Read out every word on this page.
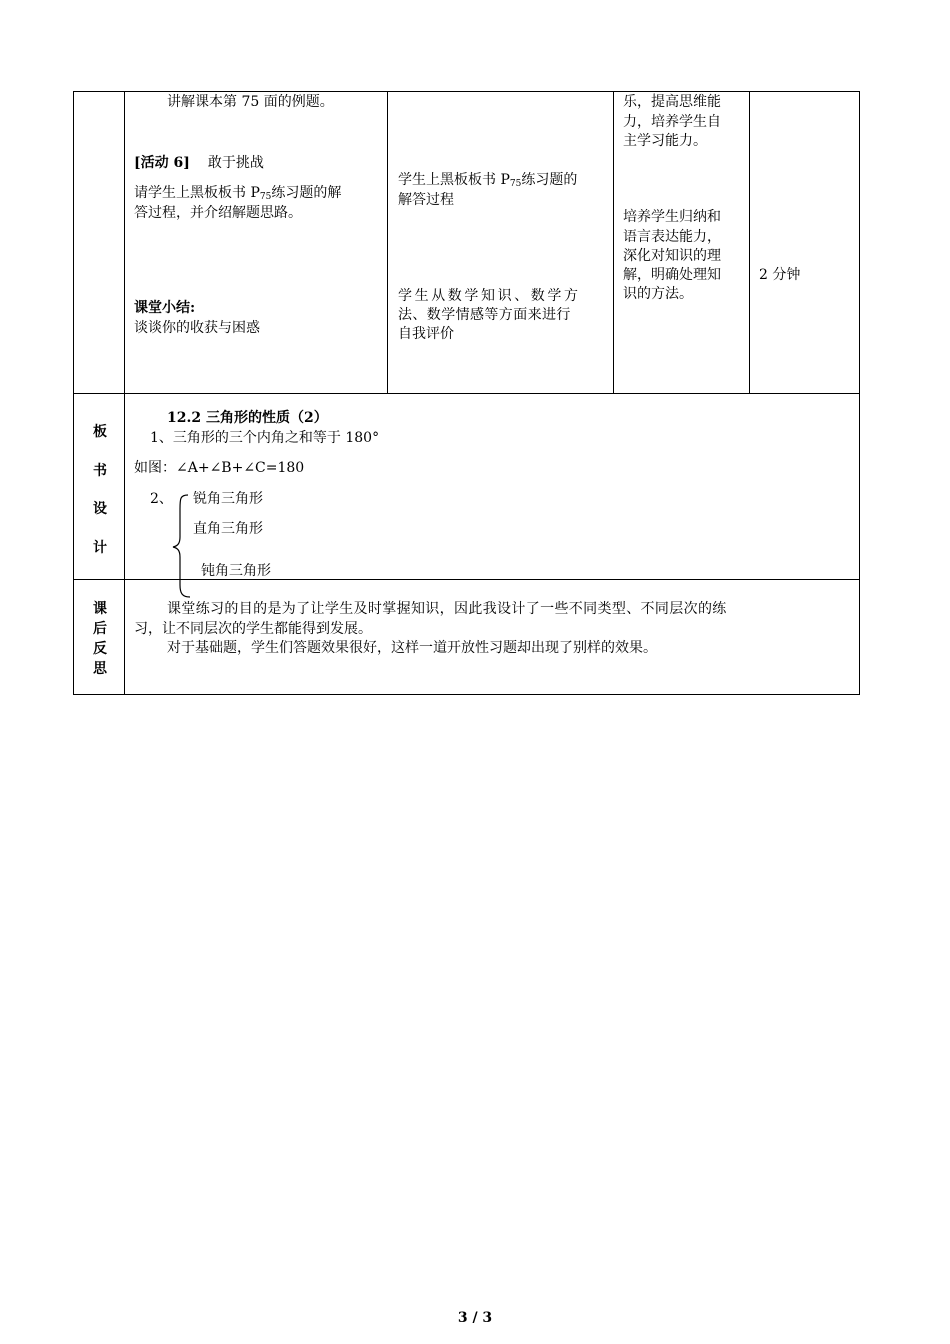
讲解课本第 75 面的例题。
[活动 6] 敢于挑战
请学生上黑板板书 $P_{75}$练习题的解
答过程，并介绍解题思路。
课堂小结:
谈谈你的收获与困惑
学生上黑板板书 $P_{75}$练习题的
解答过程
学生从数学知识、数学方
法、数学情感等方面来进行
自我评价
乐，提高思维能
力，培养学生自
主学习能力。
培养学生归纳和
语言表达能力，
深化对知识的理
解，明确处理知
识的方法。
2 分钟
板
书
设
计
12.2 三角形的性质（2）
1、三角形的三个内角之和等于 180°
如图：∠A+∠B+∠C=180
2、 锐角三角形
直角三角形
钝角三角形
课
后
反
思
课堂练习的目的是为了让学生及时掌握知识，因此我设计了一些不同类型、不同层次的练
习，让不同层次的学生都能得到发展。
对于基础题，学生们答题效果很好，这样一道开放性习题却出现了别样的效果。
3 / 3
